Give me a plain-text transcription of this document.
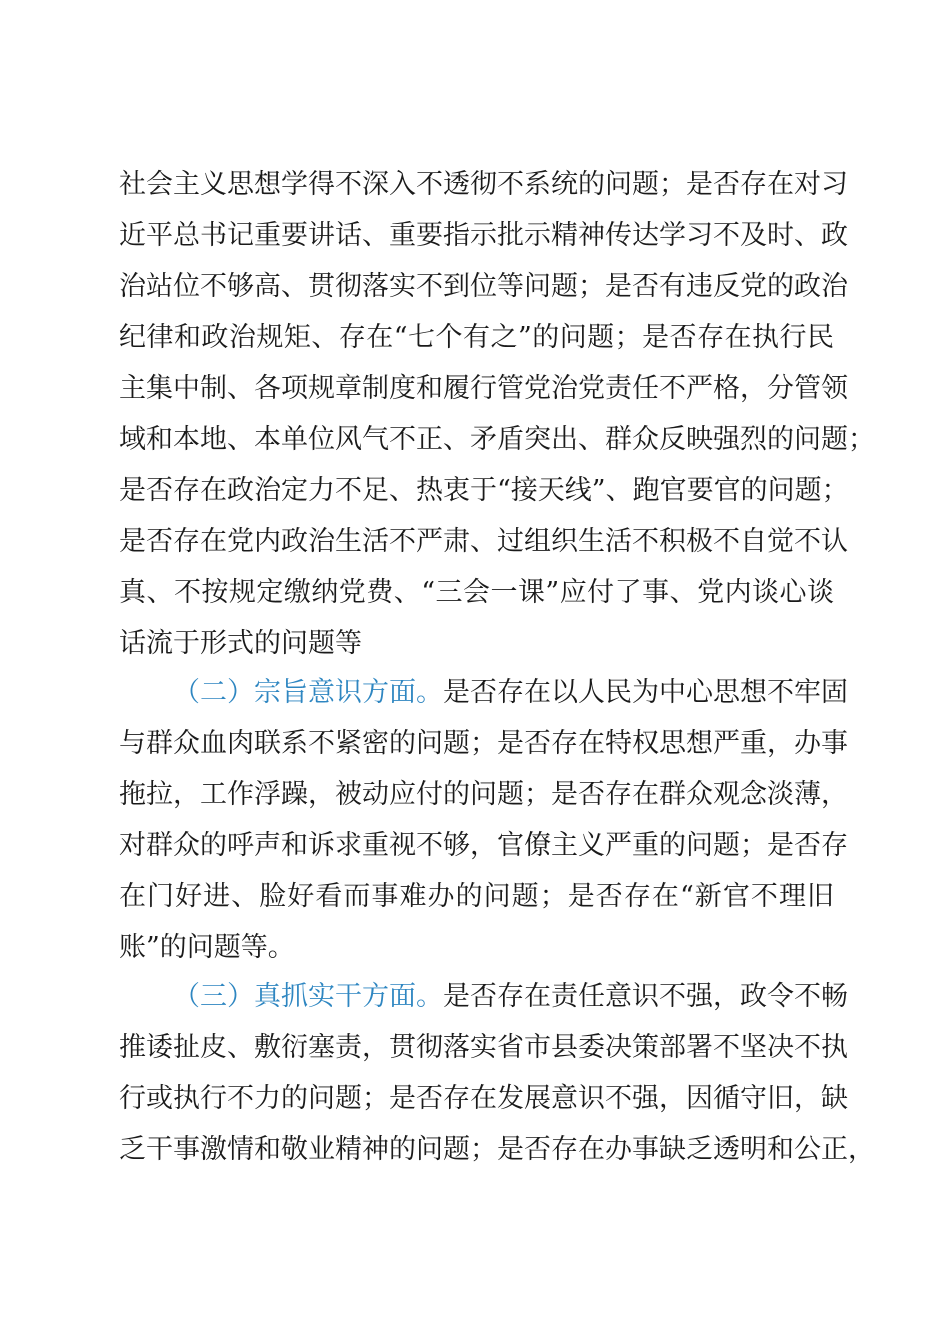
社会主义思想学得不深入不透彻不系统的问题；是否存在对习
近平总书记重要讲话、重要指示批示精神传达学习不及时、政
治站位不够高、贯彻落实不到位等问题；是否有违反党的政治
纪律和政治规矩、存在“七个有之”的问题；是否存在执行民
主集中制、各项规章制度和履行管党治党责任不严格，分管领
域和本地、本单位风气不正、矛盾突出、群众反映强烈的问题；
是否存在政治定力不足、热衷于“接天线”、跑官要官的问题；
是否存在党内政治生活不严肃、过组织生活不积极不自觉不认
真、不按规定缴纳党费、“三会一课”应付了事、党内谈心谈
话流于形式的问题等
（二）宗旨意识方面。是否存在以人民为中心思想不牢固
与群众血肉联系不紧密的问题；是否存在特权思想严重，办事
拖拉，工作浮躁，被动应付的问题；是否存在群众观念淡薄，
对群众的呼声和诉求重视不够，官僚主义严重的问题；是否存
在门好进、脸好看而事难办的问题；是否存在“新官不理旧
账”的问题等。
（三）真抓实干方面。是否存在责任意识不强，政令不畅
推诿扯皮、敷衍塞责，贯彻落实省市县委决策部署不坚决不执
行或执行不力的问题；是否存在发展意识不强，因循守旧，缺
乏干事激情和敬业精神的问题；是否存在办事缺乏透明和公正，
